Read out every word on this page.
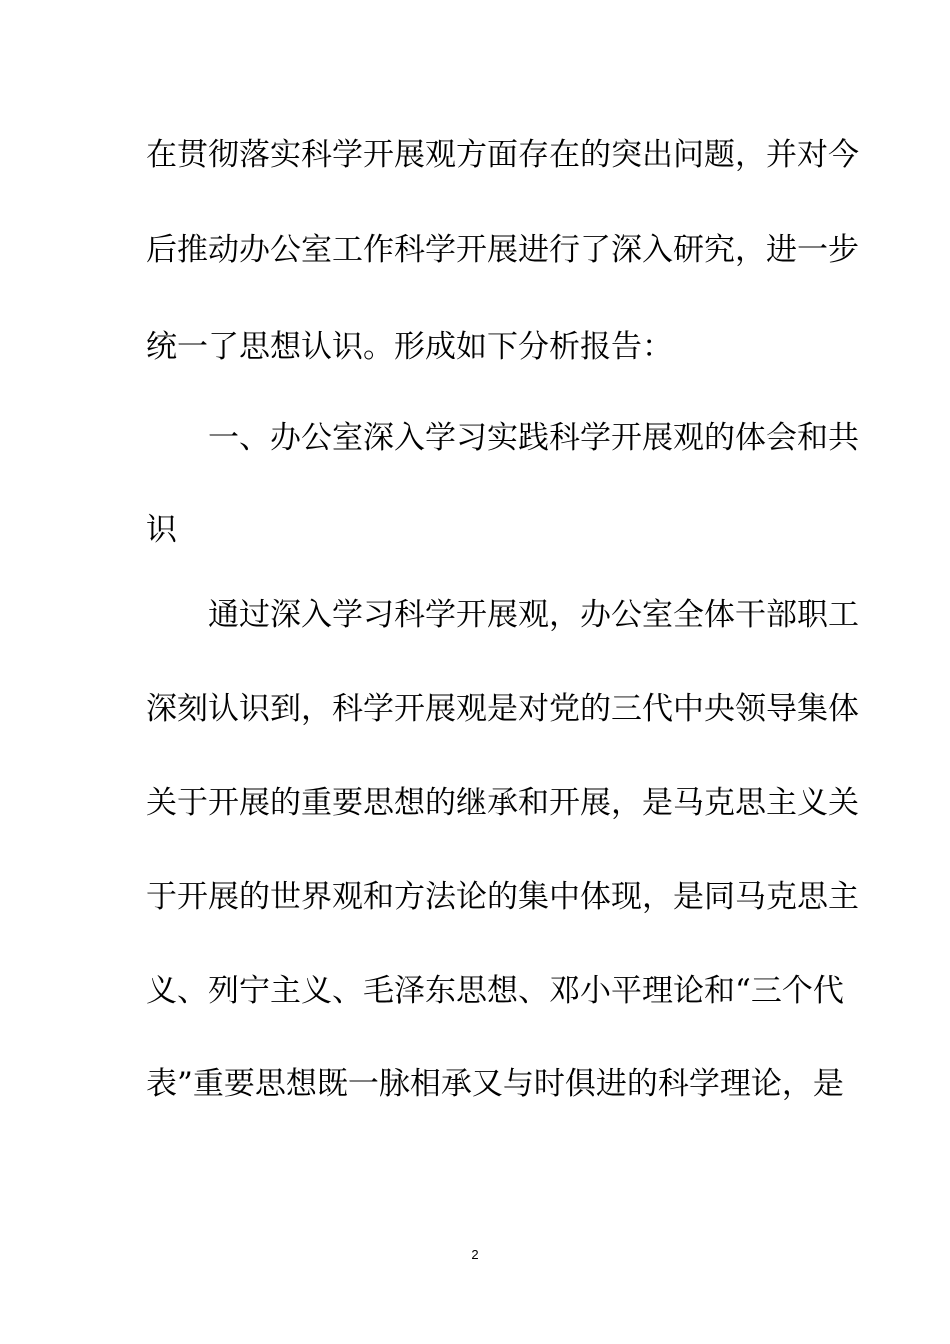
在贯彻落实科学开展观方面存在的突出问题，并对今
后推动办公室工作科学开展进行了深入研究，进一步
统一了思想认识。形成如下分析报告：
　　一、办公室深入学习实践科学开展观的体会和共
识
　　通过深入学习科学开展观，办公室全体干部职工
深刻认识到，科学开展观是对党的三代中央领导集体
关于开展的重要思想的继承和开展，是马克思主义关
于开展的世界观和方法论的集中体现，是同马克思主
义、列宁主义、毛泽东思想、邓小平理论和“三个代
表”重要思想既一脉相承又与时俱进的科学理论，是
2
